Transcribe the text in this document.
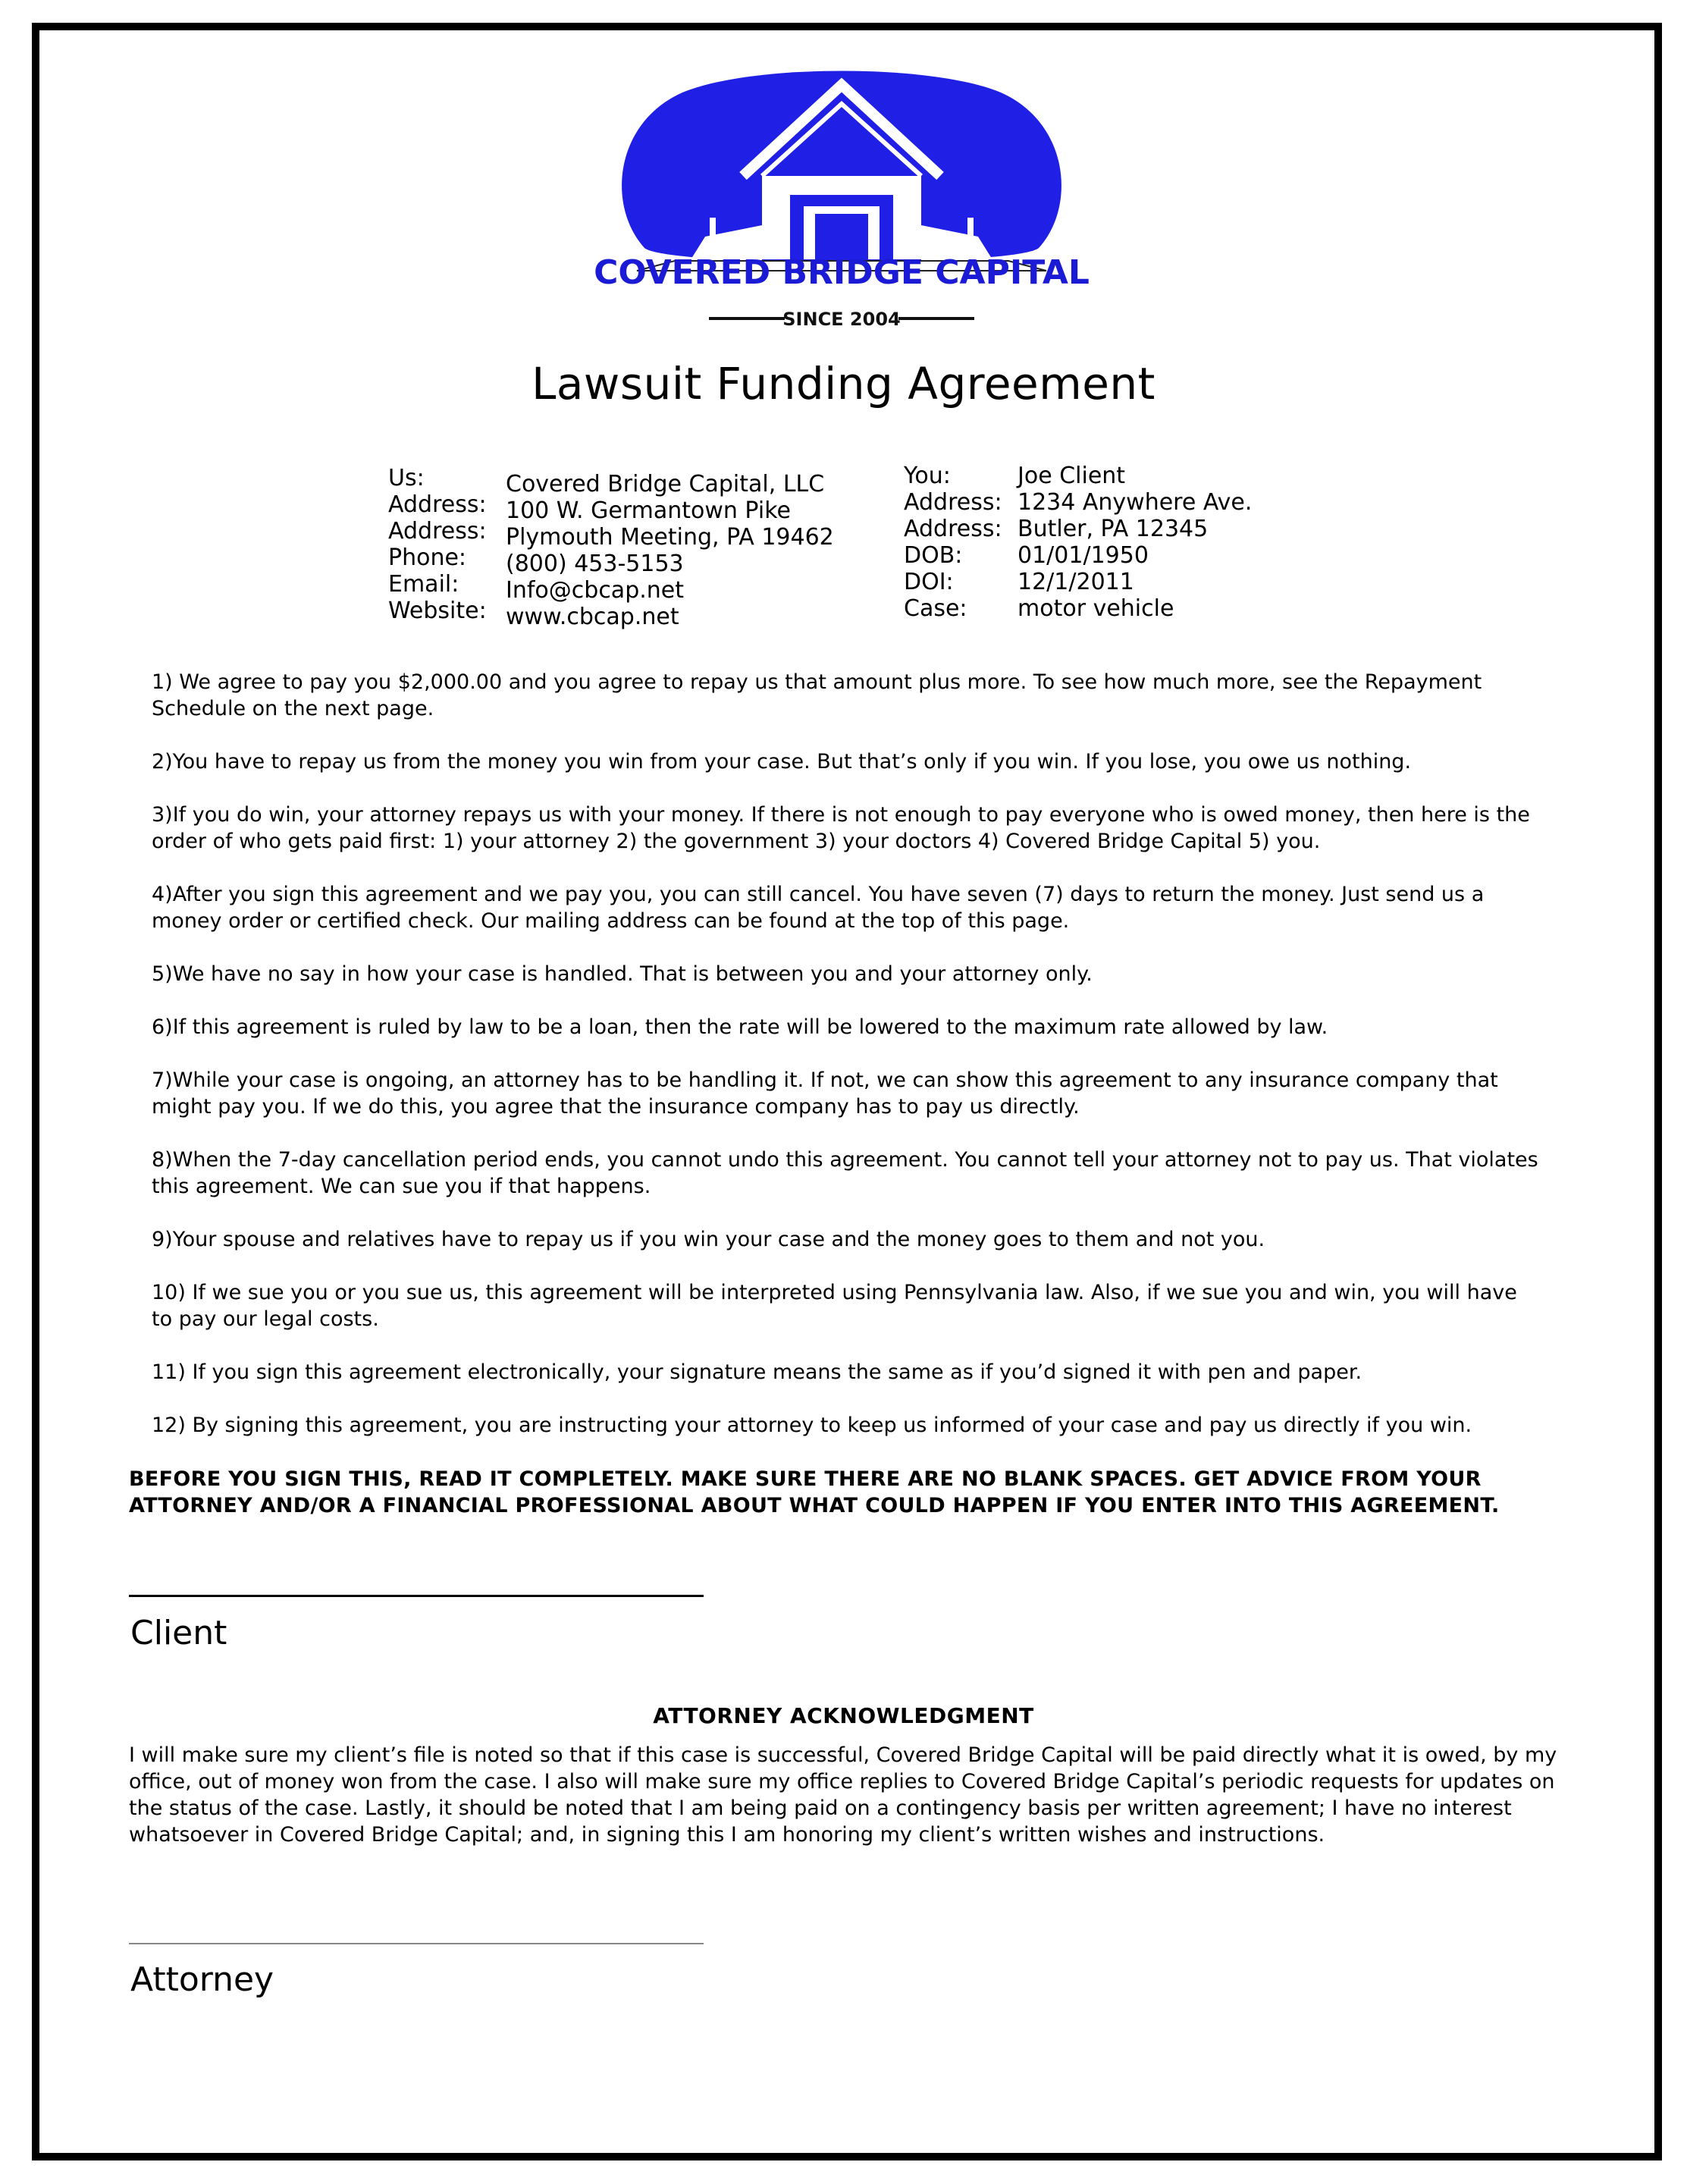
COVERED BRIDGE CAPITAL
SINCE 2004
Lawsuit Funding Agreement
Us:	Covered Bridge Capital, LLC
Address: 100 W. Germantown Pike
Address: Plymouth Meeting, PA 19462
Phone:	(800) 453-5153
Email:	Info@cbcap.net
Website: www.cbcap.net
You:	Joe Client
Address: 1234 Anywhere Ave.
Address: Butler, PA 12345
DOB:	01/01/1950
DOI:	12/1/2011
Case:	motor vehicle

1) We agree to pay you $2,000.00 and you agree to repay us that amount plus more. To see how much more, see the Repayment Schedule on the next page.

2)You have to repay us from the money you win from your case. But that’s only if you win. If you lose, you owe us nothing.

3)If you do win, your attorney repays us with your money. If there is not enough to pay everyone who is owed money, then here is the order of who gets paid first: 1) your attorney 2) the government 3) your doctors 4) Covered Bridge Capital 5) you.

4)After you sign this agreement and we pay you, you can still cancel. You have seven (7) days to return the money. Just send us a money order or certified check. Our mailing address can be found at the top of this page.

5)We have no say in how your case is handled. That is between you and your attorney only.

6)If this agreement is ruled by law to be a loan, then the rate will be lowered to the maximum rate allowed by law.

7)While your case is ongoing, an attorney has to be handling it. If not, we can show this agreement to any insurance company that might pay you. If we do this, you agree that the insurance company has to pay us directly.

8)When the 7-day cancellation period ends, you cannot undo this agreement. You cannot tell your attorney not to pay us. That violates this agreement. We can sue you if that happens.

9)Your spouse and relatives have to repay us if you win your case and the money goes to them and not you.

10) If we sue you or you sue us, this agreement will be interpreted using Pennsylvania law. Also, if we sue you and win, you will have to pay our legal costs.

11) If you sign this agreement electronically, your signature means the same as if you’d signed it with pen and paper.

12) By signing this agreement, you are instructing your attorney to keep us informed of your case and pay us directly if you win.

BEFORE YOU SIGN THIS, READ IT COMPLETELY. MAKE SURE THERE ARE NO BLANK SPACES. GET ADVICE FROM YOUR ATTORNEY AND/OR A FINANCIAL PROFESSIONAL ABOUT WHAT COULD HAPPEN IF YOU ENTER INTO THIS AGREEMENT.
Client
ATTORNEY ACKNOWLEDGMENT
I will make sure my client’s file is noted so that if this case is successful, Covered Bridge Capital will be paid directly what it is owed, by my office, out of money won from the case. I also will make sure my office replies to Covered Bridge Capital’s periodic requests for updates on the status of the case. Lastly, it should be noted that I am being paid on a contingency basis per written agreement; I have no interest whatsoever in Covered Bridge Capital; and, in signing this I am honoring my client’s written wishes and instructions.
Attorney
